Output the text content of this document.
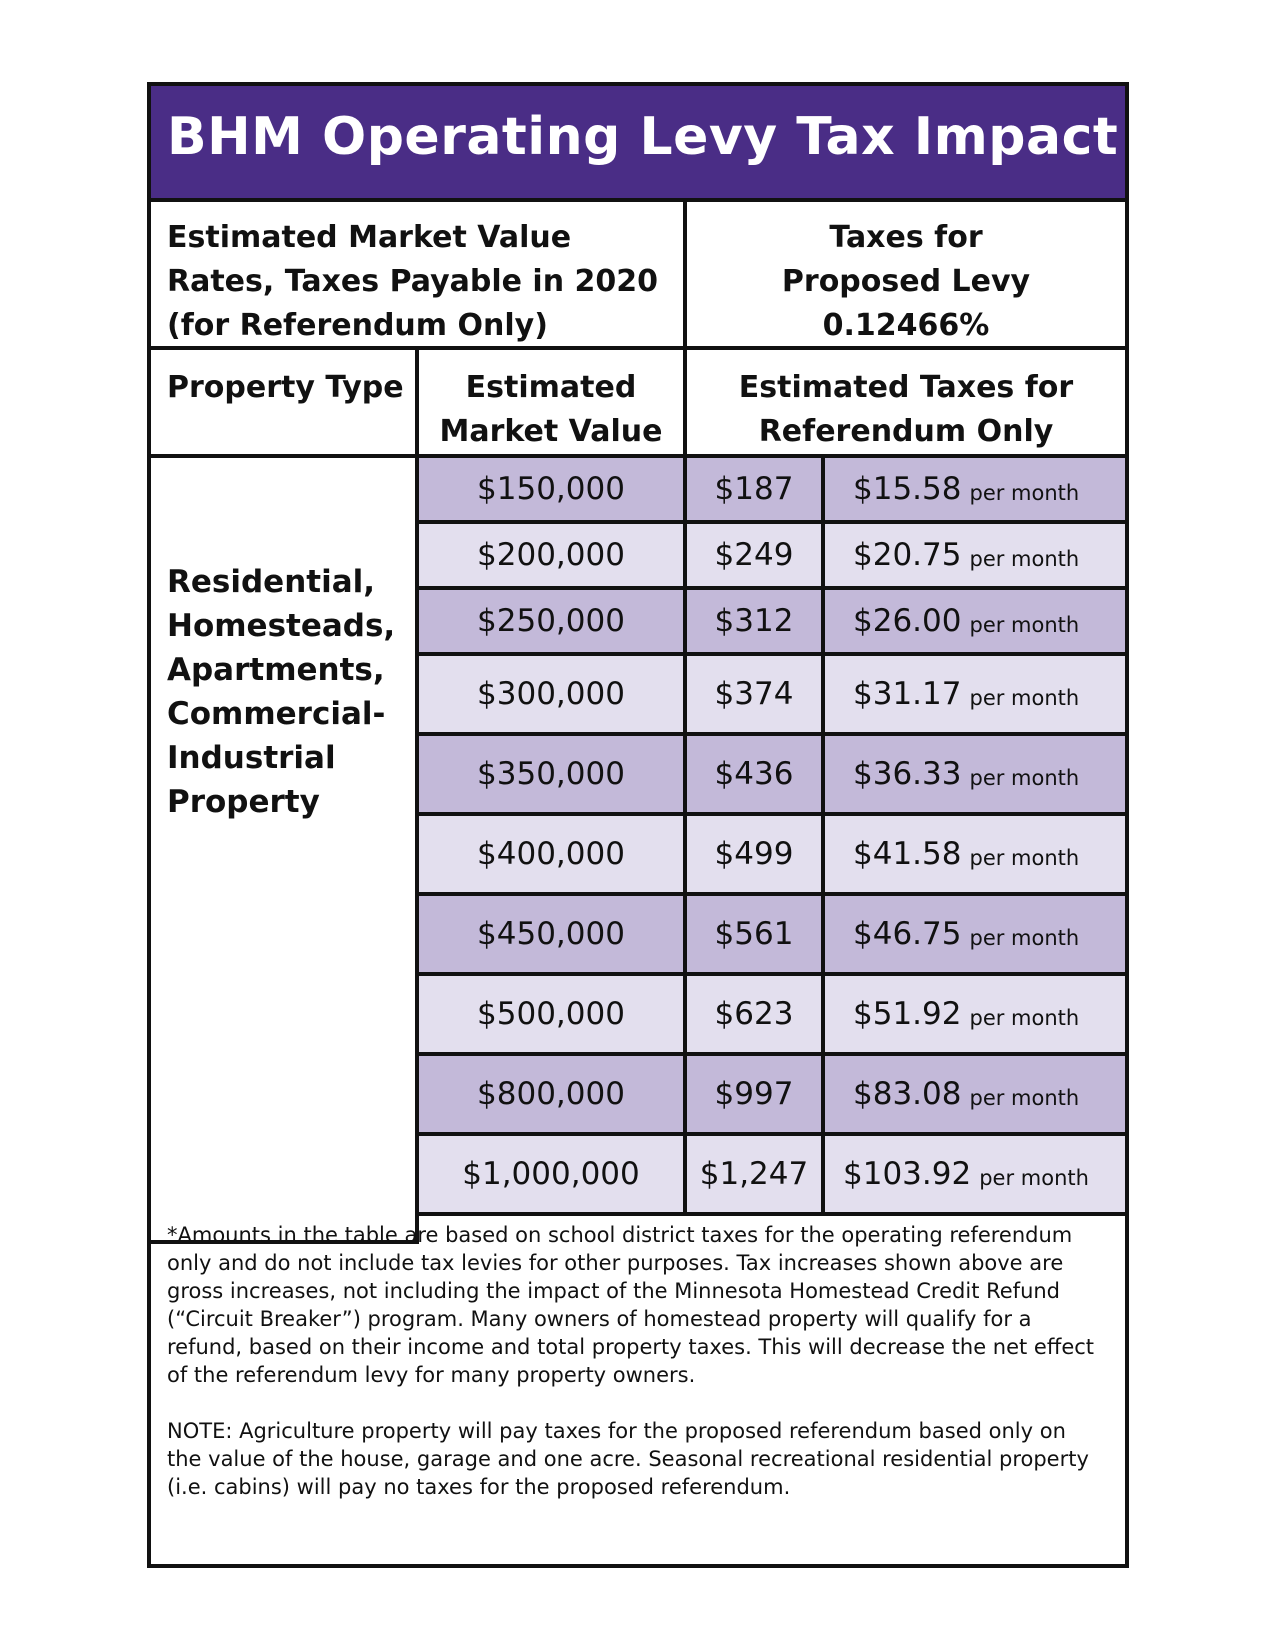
BHM Operating Levy Tax Impact
Estimated Market Value
Rates, Taxes Payable in 2020
(for Referendum Only)
Taxes for
Proposed Levy
0.12466%
Property Type	Estimated
Market Value
Estimated Taxes for
Referendum Only
Residential,
Homesteads,
Apartments,
Commercial-
Industrial
Property
$150,000	$187 $15.58 per month
$200,000	$249 $20.75 per month
$250,000	$312 $26.00 per month
$300,000	$374 $31.17 per month
$350,000	$436 $36.33 per month
$400,000	$499 $41.58 per month
$450,000	$561 $46.75 per month
$500,000	$623 $51.92 per month
$800,000	$997 $83.08 per month
$1,000,000 $1,247 $103.92 per month

*Amounts in the table are based on school district taxes for the operating referendum only and do not include tax levies for other purposes. Tax increases shown above are gross increases, not including the impact of the Minnesota Homestead Credit Refund (“Circuit Breaker”) program. Many owners of homestead property will qualify for a refund, based on their income and total property taxes. This will decrease the net effect of the referendum levy for many property owners.

NOTE: Agriculture property will pay taxes for the proposed referendum based only on the value of the house, garage and one acre. Seasonal recreational residential property (i.e. cabins) will pay no taxes for the proposed referendum.
